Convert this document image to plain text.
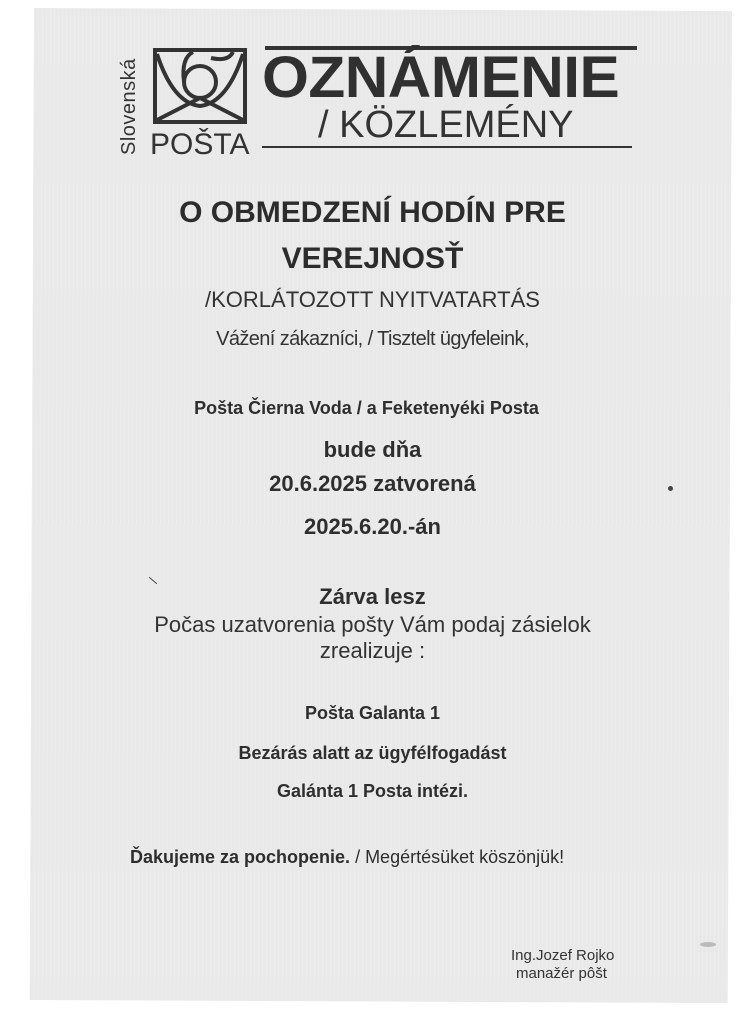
Slovenská POŠTA
OZNÁMENIE
/ KÖZLEMÉNY
O OBMEDZENÍ HODÍN PRE
VEREJNOSŤ
/KORLÁTOZOTT NYITVATARTÁS
Vážení zákazníci, / Tisztelt ügyfeleink,
Pošta Čierna Voda / a Feketenyéki Posta
bude dňa
20.6.2025 zatvorená
2025.6.20.-án
Zárva lesz
Počas uzatvorenia pošty Vám podaj zásielok
zrealizuje :
Pošta Galanta 1
Bezárás alatt az ügyfélfogadást
Galánta 1 Posta intézi.
Ďakujeme za pochopenie. / Megértésüket köszönjük!
Ing.Jozef Rojko
manažér pôšt
